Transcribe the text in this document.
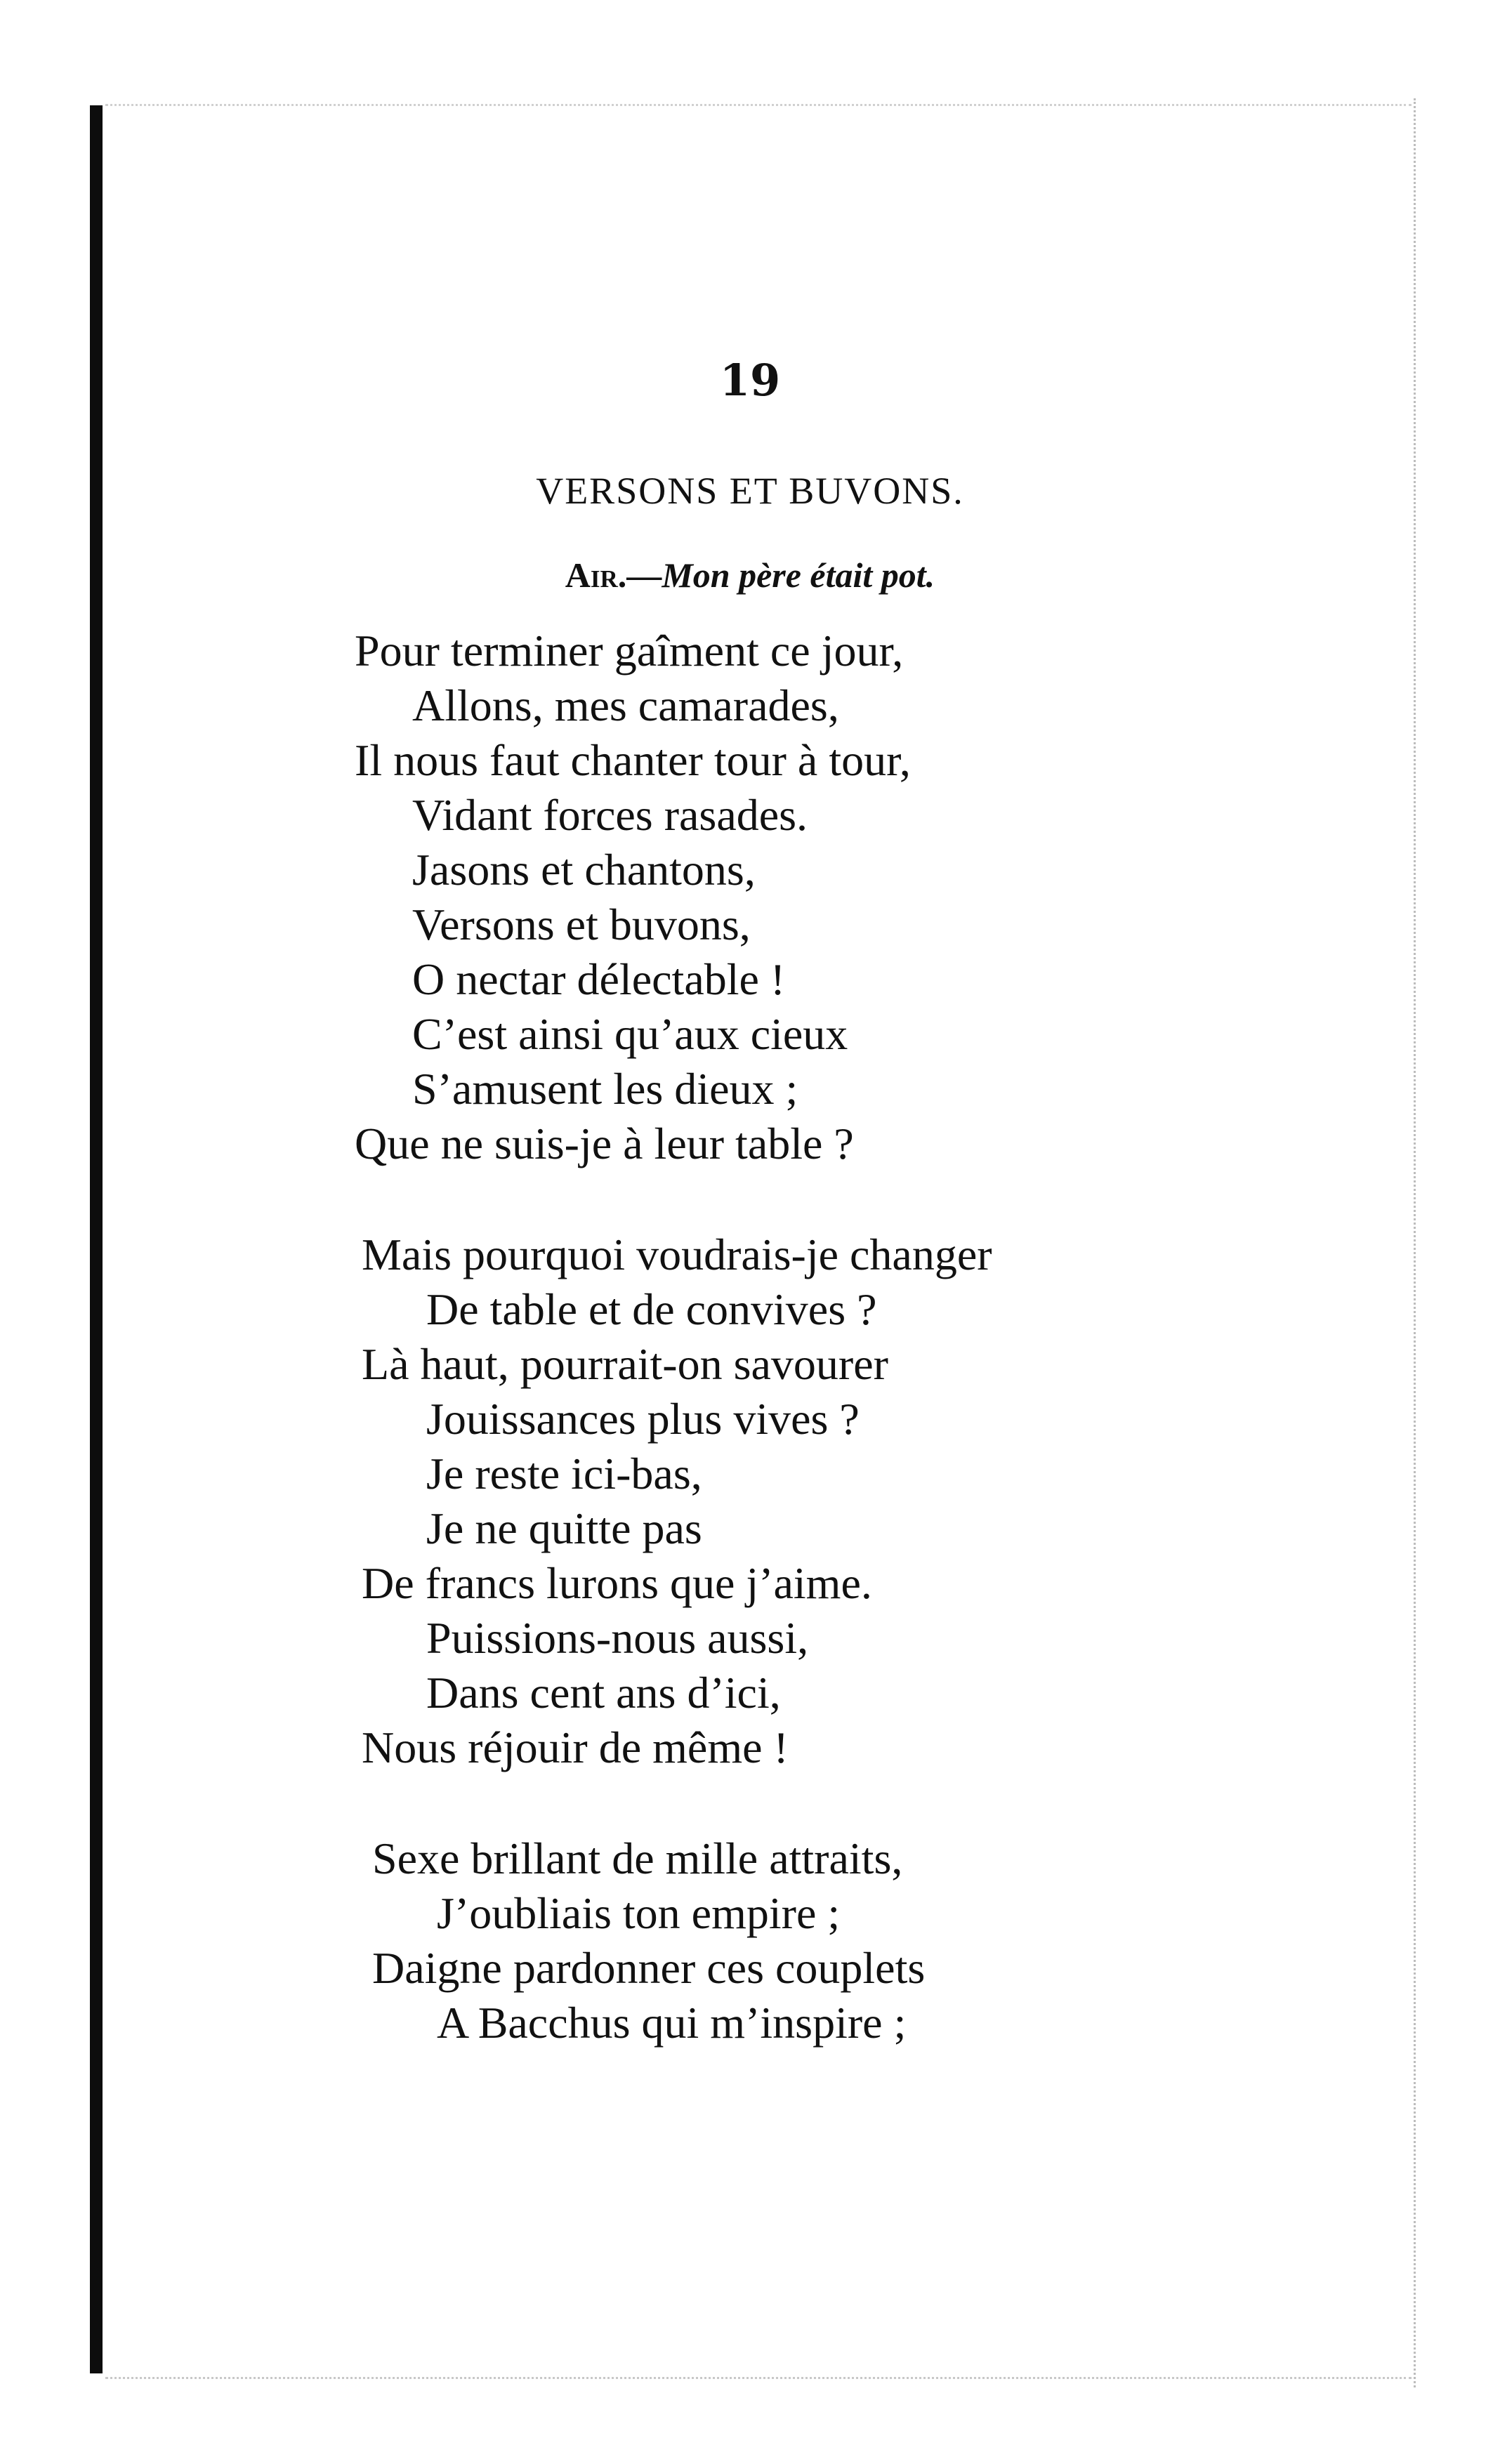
19
VERSONS ET BUVONS.
Air.—Mon père était pot.
Pour terminer gaîment ce jour,
Allons, mes camarades,
Il nous faut chanter tour à tour,
Vidant forces rasades.
Jasons et chantons,
Versons et buvons,
O nectar délectable !
C’est ainsi qu’aux cieux
S’amusent les dieux ;
Que ne suis-je à leur table ?
Mais pourquoi voudrais-je changer
De table et de convives ?
Là haut, pourrait-on savourer
Jouissances plus vives ?
Je reste ici-bas,
Je ne quitte pas
De francs lurons que j’aime.
Puissions-nous aussi,
Dans cent ans d’ici,
Nous réjouir de même !
Sexe brillant de mille attraits,
J’oubliais ton empire ;
Daigne pardonner ces couplets
A Bacchus qui m’inspire ;
